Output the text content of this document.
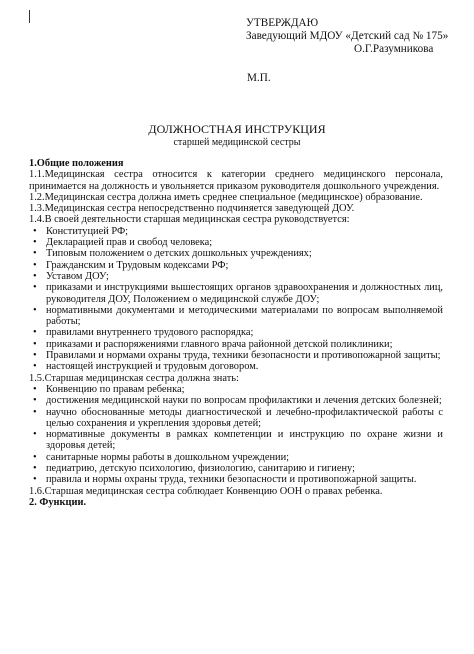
УТВЕРЖДАЮ
Заведующий МДОУ «Детский сад № 175»
О.Г.Разумникова
М.П.
ДОЛЖНОСТНАЯ ИНСТРУКЦИЯ
старшей медицинской сестры
1.Общие положения
1.1.Медицинская сестра относится к категории среднего медицинского персонала, принимается на должность и увольняется приказом руководителя дошкольного учреждения.
1.2.Медицинская сестра должна иметь среднее специальное (медицинское) образование.
1.3.Медицинская сестра непосредственно подчиняется заведующей ДОУ.
1.4.В своей деятельности старшая медицинская сестра руководствуется:
• Конституцией РФ;
• Декларацией прав и свобод человека;
• Типовым положением о детских дошкольных учреждениях;
• Гражданским и Трудовым кодексами РФ;
• Уставом ДОУ;
• приказами и инструкциями вышестоящих органов здравоохранения и должностных лиц, руководителя ДОУ, Положением о медицинской службе ДОУ;
• нормативными документами и методическими материалами по вопросам выполняемой работы;
• правилами внутреннего трудового распорядка;
• приказами и распоряжениями главного врача районной детской поликлиники;
• Правилами и нормами охраны труда, техники безопасности и противопожарной защиты;
• настоящей инструкцией и трудовым договором.
1.5.Старшая медицинская сестра должна знать:
• Конвенцию по правам ребенка;
• достижения медицинской науки по вопросам профилактики и лечения детских болезней;
• научно обоснованные методы диагностической и лечебно-профилактической работы с целью сохранения и укрепления здоровья детей;
• нормативные документы в рамках компетенции и инструкцию по охране жизни и здоровья детей;
• санитарные нормы работы в дошкольном учреждении;
• педиатрию, детскую психологию, физиологию, санитарию и гигиену;
• правила и нормы охраны труда, техники безопасности и противопожарной защиты.
1.6.Старшая медицинская сестра соблюдает Конвенцию ООН о правах ребенка.
2. Функции.
